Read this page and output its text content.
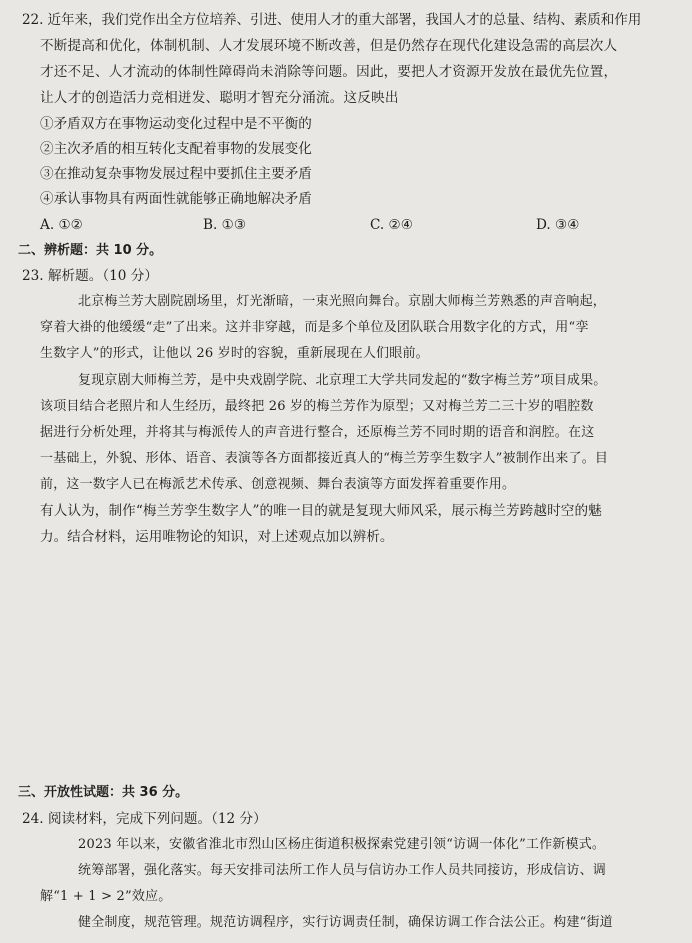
22. 近年来，我们党作出全方位培养、引进、使用人才的重大部署，我国人才的总量、结构、素质和作用
不断提高和优化，体制机制、人才发展环境不断改善，但是仍然存在现代化建设急需的高层次人
才还不足、人才流动的体制性障碍尚未消除等问题。因此，要把人才资源开发放在最优先位置，
让人才的创造活力竞相迸发、聪明才智充分涌流。这反映出
①矛盾双方在事物运动变化过程中是不平衡的
②主次矛盾的相互转化支配着事物的发展变化
③在推动复杂事物发展过程中要抓住主要矛盾
④承认事物具有两面性就能够正确地解决矛盾
A. ①②	B. ①③	C. ②④	D. ③④
二、辨析题：共 10 分。
23. 解析题。（10 分）
北京梅兰芳大剧院剧场里，灯光渐暗，一束光照向舞台。京剧大师梅兰芳熟悉的声音响起，
穿着大褂的他缓缓“走”了出来。这并非穿越，而是多个单位及团队联合用数字化的方式，用“孪
生数字人”的形式，让他以 26 岁时的容貌，重新展现在人们眼前。
复现京剧大师梅兰芳，是中央戏剧学院、北京理工大学共同发起的“数字梅兰芳”项目成果。
该项目结合老照片和人生经历，最终把 26 岁的梅兰芳作为原型；又对梅兰芳二三十岁的唱腔数
据进行分析处理，并将其与梅派传人的声音进行整合，还原梅兰芳不同时期的语音和润腔。在这
一基础上，外貌、形体、语音、表演等各方面都接近真人的“梅兰芳孪生数字人”被制作出来了。目
前，这一数字人已在梅派艺术传承、创意视频、舞台表演等方面发挥着重要作用。
有人认为，制作“梅兰芳孪生数字人”的唯一目的就是复现大师风采，展示梅兰芳跨越时空的魅
力。结合材料，运用唯物论的知识，对上述观点加以辨析。
三、开放性试题：共 36 分。
24. 阅读材料，完成下列问题。（12 分）
2023 年以来，安徽省淮北市烈山区杨庄街道积极探索党建引领“访调一体化”工作新模式。
统筹部署，强化落实。每天安排司法所工作人员与信访办工作人员共同接访，形成信访、调
解“1 + 1 > 2”效应。
健全制度，规范管理。规范访调程序，实行访调责任制，确保访调工作合法公正。构建“街道
